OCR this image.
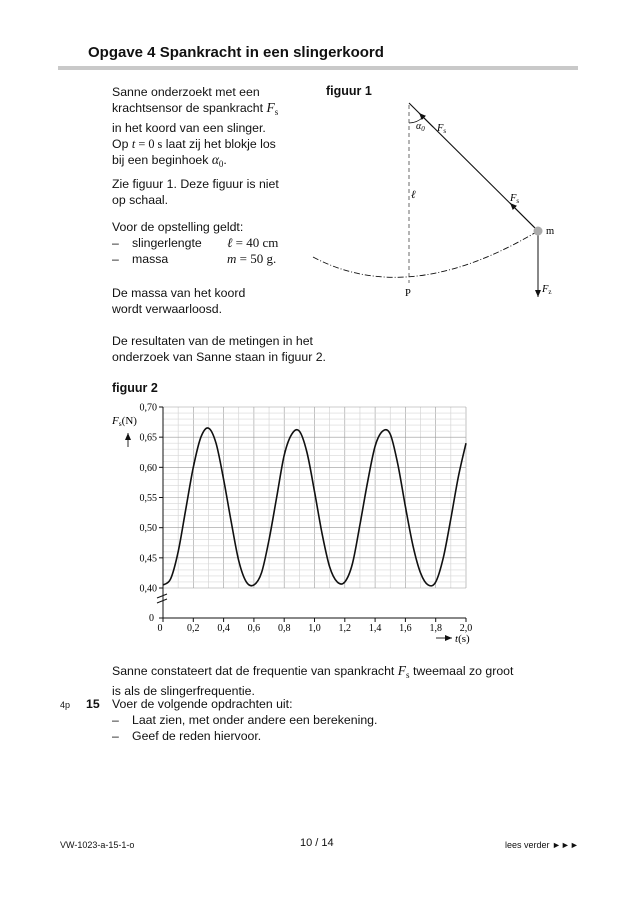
Opgave 4 Spankracht in een slingerkoord
Sanne onderzoekt met een
krachtsensor de spankracht $F_s$
in het koord van een slinger.
Op t = 0 s laat zij het blokje los
bij een beginhoek $\alpha_0$.
Zie figuur 1. Deze figuur is niet
op schaal.
Voor de opstelling geldt:
– slingerlengte ℓ = 40 cm
– massa	m = 50 g.
De massa van het koord
wordt verwaarloosd.
De resultaten van de metingen in het
onderzoek van Sanne staan in figuur 2.
figuur 1
$\alpha_0$ Fs
ℓ	Fs
m
Fz
P
figuur 2
0,2 0,4 0,6 0,8 1,0 1,2 1,4 1,6 1,8 2,0
0
0
0,40
0,45
0,50
0,55
0,60
0,65
0,70
Fs(N)
t(s)
Sanne constateert dat de frequentie van spankracht $F_s$ tweemaal zo groot
is als de slingerfrequentie.
4p 15 Voer de volgende opdrachten uit:
– Laat zien, met onder andere een berekening.
– Geef de reden hiervoor.
VW-1023-a-15-1-o	10 / 14	lees verder ►►►
